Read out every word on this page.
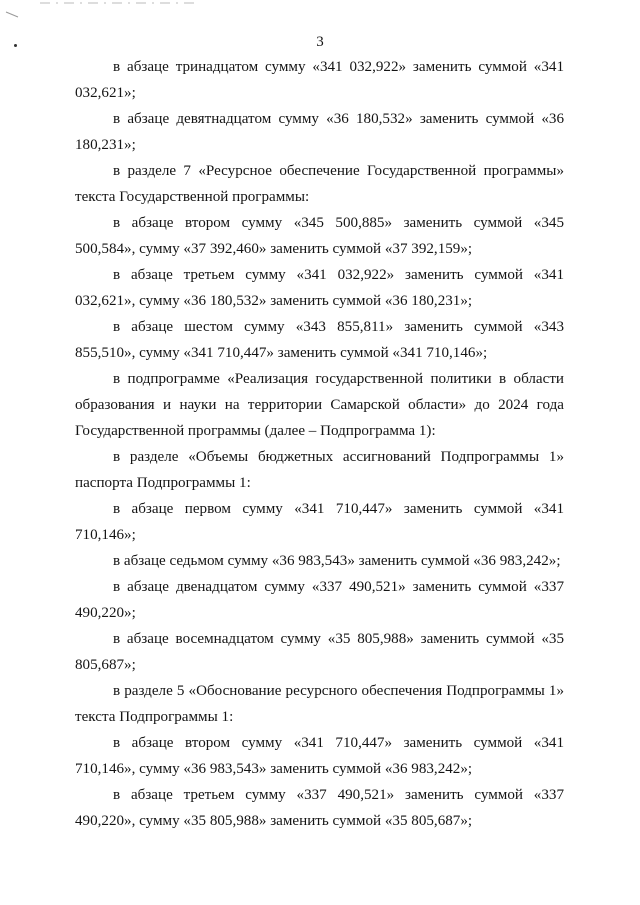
3

в абзаце тринадцатом сумму «341 032,922» заменить суммой «341 032,621»;

в абзаце девятнадцатом сумму «36 180,532» заменить суммой «36 180,231»;

в разделе 7 «Ресурсное обеспечение Государственной программы» текста Государственной программы:

в абзаце втором сумму «345 500,885» заменить суммой «345 500,584», сумму «37 392,460» заменить суммой «37 392,159»;

в абзаце третьем сумму «341 032,922» заменить суммой «341 032,621», сумму «36 180,532» заменить суммой «36 180,231»;

в абзаце шестом сумму «343 855,811» заменить суммой «343 855,510», сумму «341 710,447» заменить суммой «341 710,146»;

в подпрограмме «Реализация государственной политики в области образования и науки на территории Самарской области» до 2024 года Государственной программы (далее – Подпрограмма 1):

в разделе «Объемы бюджетных ассигнований Подпрограммы 1» паспорта Подпрограммы 1:

в абзаце первом сумму «341 710,447» заменить суммой «341 710,146»;

в абзаце седьмом сумму «36 983,543» заменить суммой «36 983,242»;

в абзаце двенадцатом сумму «337 490,521» заменить суммой «337 490,220»;

в абзаце восемнадцатом сумму «35 805,988» заменить суммой «35 805,687»;

в разделе 5 «Обоснование ресурсного обеспечения Подпрограммы 1» текста Подпрограммы 1:

в абзаце втором сумму «341 710,447» заменить суммой «341 710,146», сумму «36 983,543» заменить суммой «36 983,242»;

в абзаце третьем сумму «337 490,521» заменить суммой «337 490,220», сумму «35 805,988» заменить суммой «35 805,687»;
